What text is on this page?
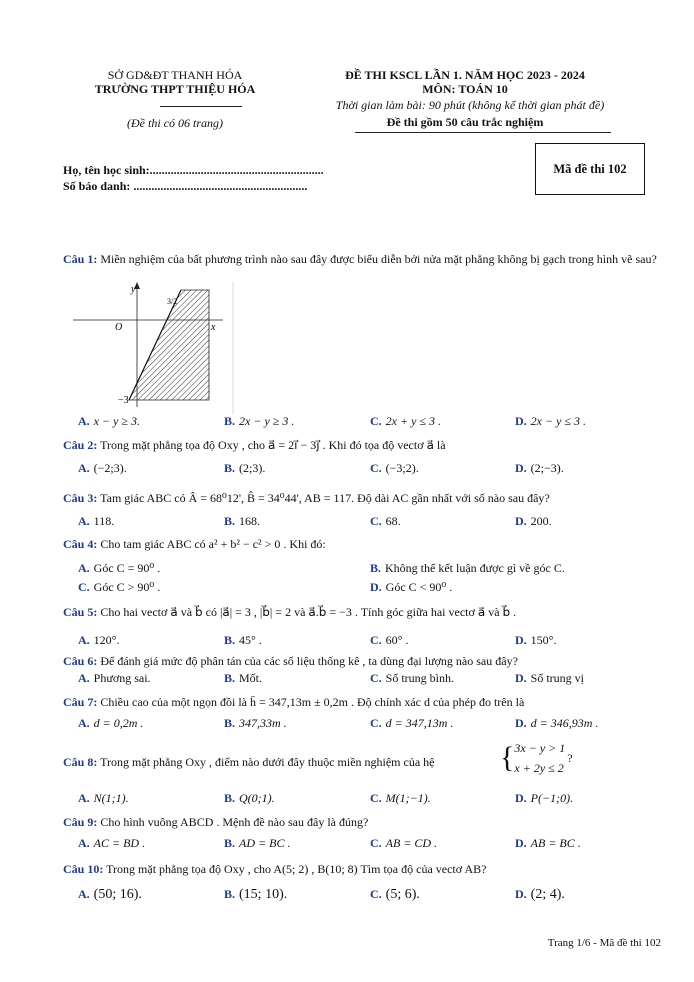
SỞ GD&ĐT THANH HÓA
TRƯỜNG THPT THIỆU HÓA
(Đề thi có 06 trang)
ĐỀ THI KSCL LẦN 1. NĂM HỌC 2023 - 2024
MÔN: TOÁN 10
Thời gian làm bài: 90 phút (không kể thời gian phát đề)
Đề thi gồm 50 câu trắc nghiệm
Họ, tên học sinh:..........................................................
Số báo danh: ..........................................................
Mã đề thi 102
Câu 1: Miền nghiệm của bất phương trình nào sau đây được biểu diễn bởi nửa mặt phẳng không bị gạch trong hình vẽ sau?
y
x
O
3/2
−3
A. x − y ≥ 3.	B. 2x − y ≥ 3 .	C. 2x + y ≤ 3 .	D. 2x − y ≤ 3 .
Câu 2: Trong mặt phẳng tọa độ Oxy , cho a⃗ = 2i⃗ − 3j⃗ . Khi đó tọa độ vectơ a⃗ là
A. (−2;3).	B. (2;3).	C. (−3;2).	D. (2;−3).
Câu 3: Tam giác ABC có Â = 68⁰12', B̂ = 34⁰44', AB = 117. Độ dài AC gần nhất với số nào sau đây?
A. 118.	B. 168.	C. 68.	D. 200.
Câu 4: Cho tam giác ABC có a² + b² − c² > 0 . Khi đó:
A. Góc C = 90⁰ .	B. Không thể kết luận được gì về góc C.
C. Góc C > 90⁰ .	D. Góc C < 90⁰ .
Câu 5: Cho hai vectơ a⃗ và b⃗ có |a⃗| = 3 , |b⃗| = 2 và a⃗.b⃗ = −3 . Tính góc giữa hai vectơ a⃗ và b⃗ .
A. 120°.	B. 45° .	C. 60° .	D. 150°.
Câu 6: Để đánh giá mức độ phân tán của các số liệu thống kê , ta dùng đại lượng nào sau đây?
A. Phương sai.	B. Mốt.	C. Số trung bình.	D. Số trung vị
Câu 7: Chiều cao của một ngọn đồi là h̄ = 347,13m ± 0,2m . Độ chính xác d của phép đo trên là
A. d = 0,2m .	B. 347,33m .	C. d = 347,13m .	D. d = 346,93m .
Câu 8: Trong mặt phẳng Oxy , điểm nào dưới đây thuộc miền nghiệm của hệ	{ 3x − y > 1
x + 2y ≤ 2
?
A. N(1;1).	B. Q(0;1).	C. M(1;−1).	D. P(−1;0).
Câu 9: Cho hình vuông ABCD . Mệnh đề nào sau đây là đúng?
A. AC = BD .	B. AD = BC .	C. AB = CD .	D. AB = BC .
Câu 10: Trong mặt phẳng tọa độ Oxy , cho A(5; 2) , B(10; 8) Tìm tọa độ của vectơ AB?
A. (50; 16).	B. (15; 10).	C. (5; 6).	D. (2; 4).
Trang 1/6 - Mã đề thi 102
